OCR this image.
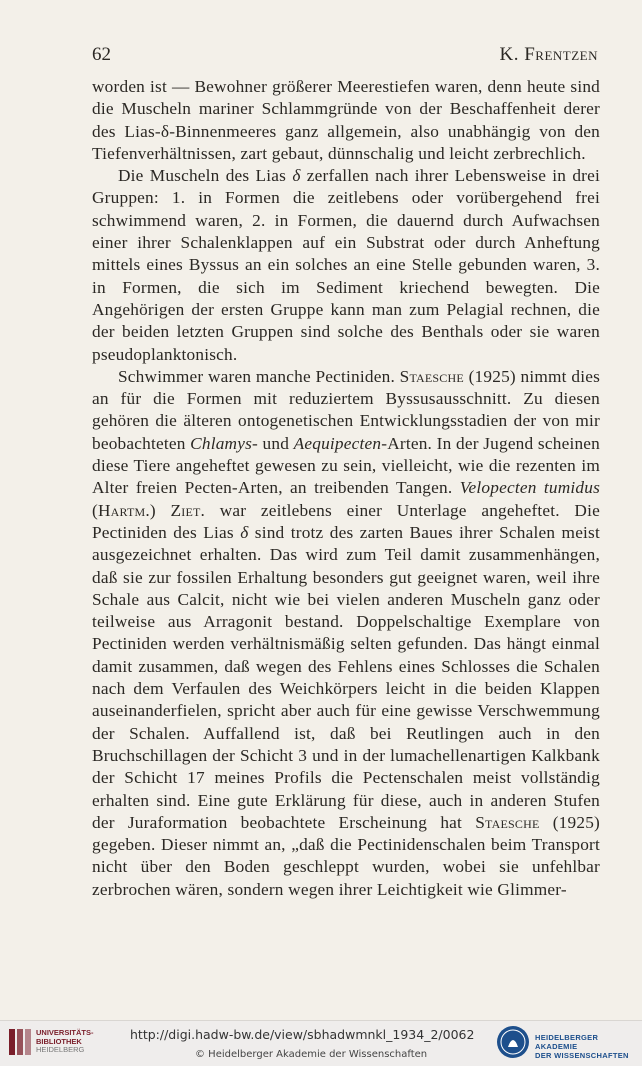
62	K. Frentzen

worden ist — Bewohner größerer Meerestiefen waren, denn heute sind die Muscheln mariner Schlammgründe von der Beschaffenheit derer des Lias-δ-Binnenmeeres ganz allgemein, also unabhängig von den Tiefenverhältnissen, zart gebaut, dünnschalig und leicht zerbrechlich.

Die Muscheln des Lias δ zerfallen nach ihrer Lebensweise in drei Gruppen: 1. in Formen die zeitlebens oder vorübergehend frei schwimmend waren, 2. in Formen, die dauernd durch Aufwachsen einer ihrer Schalenklappen auf ein Substrat oder durch Anheftung mittels eines Byssus an ein solches an eine Stelle gebunden waren, 3. in Formen, die sich im Sediment kriechend bewegten. Die Angehörigen der ersten Gruppe kann man zum Pelagial rechnen, die der beiden letzten Gruppen sind solche des Benthals oder sie waren pseudoplanktonisch.

Schwimmer waren manche Pectiniden. Staesche (1925) nimmt dies an für die Formen mit reduziertem Byssusausschnitt. Zu diesen gehören die älteren ontogenetischen Entwicklungsstadien der von mir beobachteten Chlamys- und Aequipecten-Arten. In der Jugend scheinen diese Tiere angeheftet gewesen zu sein, vielleicht, wie die rezenten im Alter freien Pecten-Arten, an treibenden Tangen. Velopecten tumidus (Hartm.) Ziet. war zeitlebens einer Unterlage angeheftet. Die Pectiniden des Lias δ sind trotz des zarten Baues ihrer Schalen meist ausgezeichnet erhalten. Das wird zum Teil damit zusammenhängen, daß sie zur fossilen Erhaltung besonders gut geeignet waren, weil ihre Schale aus Calcit, nicht wie bei vielen anderen Muscheln ganz oder teilweise aus Arragonit bestand. Doppelschaltige Exemplare von Pectiniden werden verhältnismäßig selten gefunden. Das hängt einmal damit zusammen, daß wegen des Fehlens eines Schlosses die Schalen nach dem Verfaulen des Weichkörpers leicht in die beiden Klappen auseinanderfielen, spricht aber auch für eine gewisse Verschwemmung der Schalen. Auffallend ist, daß bei Reutlingen auch in den Bruchschillagen der Schicht 3 und in der lumachellenartigen Kalkbank der Schicht 17 meines Profils die Pectenschalen meist vollständig erhalten sind. Eine gute Erklärung für diese, auch in anderen Stufen der Juraformation beobachtete Erscheinung hat Staesche (1925) gegeben. Dieser nimmt an, „daß die Pectinidenschalen beim Transport nicht über den Boden geschleppt wurden, wobei sie unfehlbar zerbrochen wären, sondern wegen ihrer Leichtigkeit wie Glimmer-

UNIVERSITÄTS-
BIBLIOTHEK
HEIDELBERG
http://digi.hadw-bw.de/view/sbhadwmnkl_1934_2/0062
© Heidelberger Akademie der Wissenschaften
HEIDELBERGER AKADEMIE
DER WISSENSCHAFTEN
